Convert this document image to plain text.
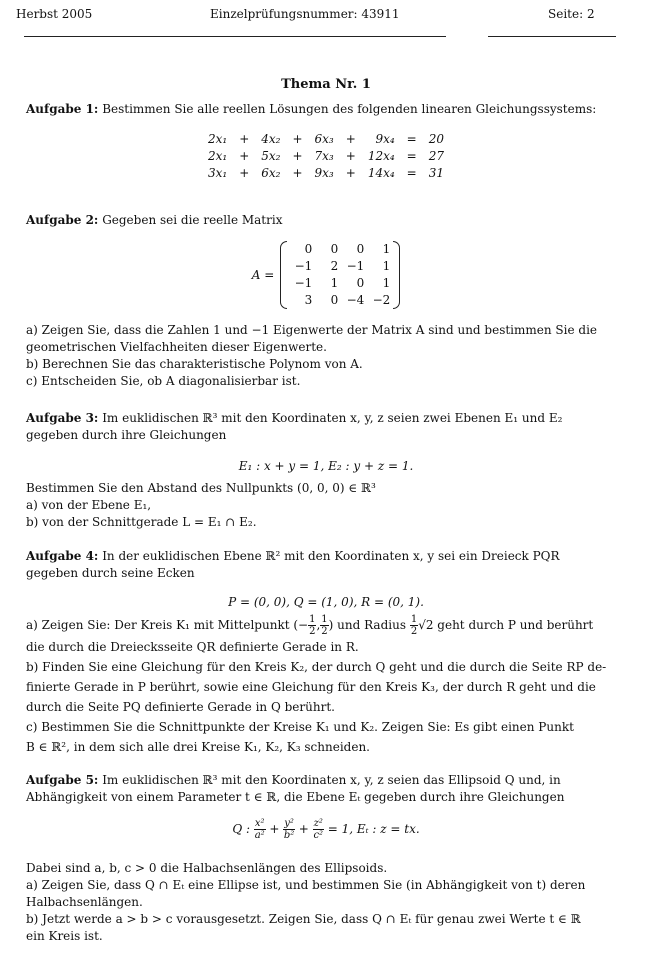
Herbst 2005	Einzelprüfungsnummer: 43911	Seite: 2
Thema Nr. 1

Aufgabe 1: Bestimmen Sie alle reellen Lösungen des folgenden linearen Gleichungssystems:

2x₁	+	4x₂	+	6x₃	+	9x₄	=	20
2x₁	+	5x₂	+	7x₃	+	12x₄	=	27
3x₁	+	6x₂	+	9x₃	+	14x₄	=	31

Aufgabe 2: Gegeben sei die reelle Matrix

A =
0	0	0	1
−1	2	−1	1
−1	1	0	1
3	0	−4	−2

a) Zeigen Sie, dass die Zahlen 1 und −1 Eigenwerte der Matrix A sind und bestimmen Sie die

geometrischen Vielfachheiten dieser Eigenwerte.

b) Berechnen Sie das charakteristische Polynom von A.

c) Entscheiden Sie, ob A diagonalisierbar ist.

Aufgabe 3: Im euklidischen ℝ³ mit den Koordinaten x, y, z seien zwei Ebenen E₁ und E₂

gegeben durch ihre Gleichungen

E₁ : x + y = 1, E₂ : y + z = 1.

Bestimmen Sie den Abstand des Nullpunkts (0, 0, 0) ∈ ℝ³

a) von der Ebene E₁,

b) von der Schnittgerade L = E₁ ∩ E₂.

Aufgabe 4: In der euklidischen Ebene ℝ² mit den Koordinaten x, y sei ein Dreieck PQR

gegeben durch seine Ecken

P = (0, 0), Q = (1, 0), R = (0, 1).

a) Zeigen Sie: Der Kreis K₁ mit Mittelpunkt (− $\frac{1}{2}$ , $\frac{1}{2}$ ) und Radius $\frac{1}{2} √2$ geht durch P und berührt

die durch die Dreiecksseite QR definierte Gerade in R.

b) Finden Sie eine Gleichung für den Kreis K₂, der durch Q geht und die durch die Seite RP de-

finierte Gerade in P berührt, sowie eine Gleichung für den Kreis K₃, der durch R geht und die

durch die Seite PQ definierte Gerade in Q berührt.

c) Bestimmen Sie die Schnittpunkte der Kreise K₁ und K₂. Zeigen Sie: Es gibt einen Punkt

B ∈ ℝ², in dem sich alle drei Kreise K₁, K₂, K₃ schneiden.

Aufgabe 5: Im euklidischen ℝ³ mit den Koordinaten x, y, z seien das Ellipsoid Q und, in

Abhängigkeit von einem Parameter t ∈ ℝ, die Ebene Eₜ gegeben durch ihre Gleichungen

Q : $\frac{\text{x²}}{\text{a²}} + \frac{\text{y²}}{\text{b²}} + \frac{\text{z²}}{\text{c²}} = 1$, Eₜ : z = tx.

Dabei sind a, b, c > 0 die Halbachsenlängen des Ellipsoids.

a) Zeigen Sie, dass Q ∩ Eₜ eine Ellipse ist, und bestimmen Sie (in Abhängigkeit von t) deren

Halbachsenlängen.

b) Jetzt werde a > b > c vorausgesetzt. Zeigen Sie, dass Q ∩ Eₜ für genau zwei Werte t ∈ ℝ

ein Kreis ist.
